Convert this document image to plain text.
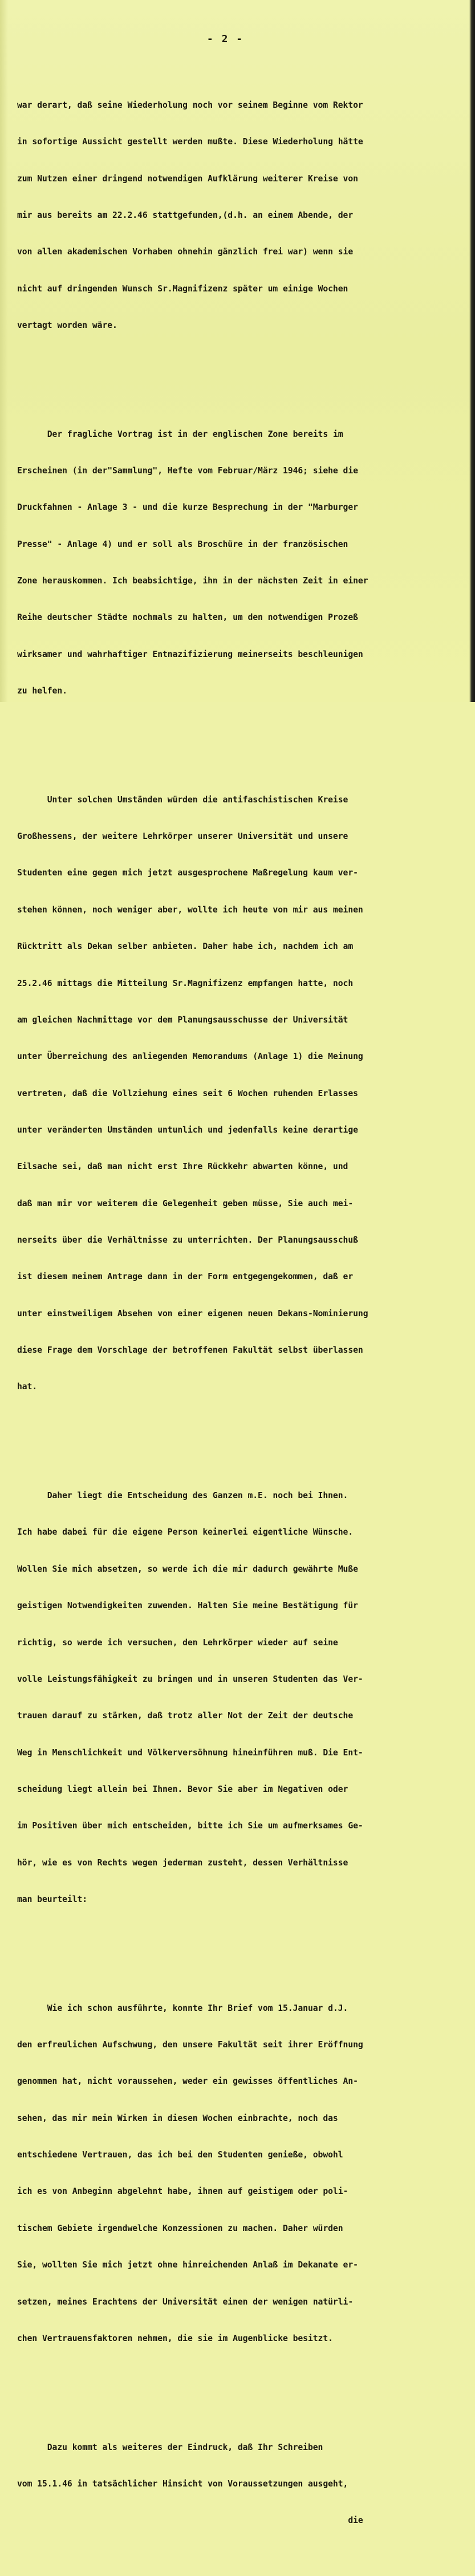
- 2 -

war derart, daß seine Wiederholung noch vor seinem Beginne vom Rektor

in sofortige Aussicht gestellt werden mußte. Diese Wiederholung hätte

zum Nutzen einer dringend notwendigen Aufklärung weiterer Kreise von

mir aus bereits am 22.2.46 stattgefunden,(d.h. an einem Abende, der

von allen akademischen Vorhaben ohnehin gänzlich frei war) wenn sie

nicht auf dringenden Wunsch Sr.Magnifizenz später um einige Wochen

vertagt worden wäre.

Der fragliche Vortrag ist in der englischen Zone bereits im

Erscheinen (in der"Sammlung", Hefte vom Februar/März 1946; siehe die

Druckfahnen - Anlage 3 - und die kurze Besprechung in der "Marburger

Presse" - Anlage 4) und er soll als Broschüre in der französischen

Zone herauskommen. Ich beabsichtige, ihn in der nächsten Zeit in einer

Reihe deutscher Städte nochmals zu halten, um den notwendigen Prozeß

wirksamer und wahrhaftiger Entnazifizierung meinerseits beschleunigen

zu helfen.

Unter solchen Umständen würden die antifaschistischen Kreise

Großhessens, der weitere Lehrkörper unserer Universität und unsere

Studenten eine gegen mich jetzt ausgesprochene Maßregelung kaum ver-

stehen können, noch weniger aber, wollte ich heute von mir aus meinen

Rücktritt als Dekan selber anbieten. Daher habe ich, nachdem ich am

25.2.46 mittags die Mitteilung Sr.Magnifizenz empfangen hatte, noch

am gleichen Nachmittage vor dem Planungsausschusse der Universität

unter Überreichung des anliegenden Memorandums (Anlage 1) die Meinung

vertreten, daß die Vollziehung eines seit 6 Wochen ruhenden Erlasses

unter veränderten Umständen untunlich und jedenfalls keine derartige

Eilsache sei, daß man nicht erst Ihre Rückkehr abwarten könne, und

daß man mir vor weiterem die Gelegenheit geben müsse, Sie auch mei-

nerseits über die Verhältnisse zu unterrichten. Der Planungsausschuß

ist diesem meinem Antrage dann in der Form entgegengekommen, daß er

unter einstweiligem Absehen von einer eigenen neuen Dekans-Nominierung

diese Frage dem Vorschlage der betroffenen Fakultät selbst überlassen

hat.

Daher liegt die Entscheidung des Ganzen m.E. noch bei Ihnen.

Ich habe dabei für die eigene Person keinerlei eigentliche Wünsche.

Wollen Sie mich absetzen, so werde ich die mir dadurch gewährte Muße

geistigen Notwendigkeiten zuwenden. Halten Sie meine Bestätigung für

richtig, so werde ich versuchen, den Lehrkörper wieder auf seine

volle Leistungsfähigkeit zu bringen und in unseren Studenten das Ver-

trauen darauf zu stärken, daß trotz aller Not der Zeit der deutsche

Weg in Menschlichkeit und Völkerversöhnung hineinführen muß. Die Ent-

scheidung liegt allein bei Ihnen. Bevor Sie aber im Negativen oder

im Positiven über mich entscheiden, bitte ich Sie um aufmerksames Ge-

hör, wie es von Rechts wegen jederman zusteht, dessen Verhältnisse

man beurteilt:

Wie ich schon ausführte, konnte Ihr Brief vom 15.Januar d.J.

den erfreulichen Aufschwung, den unsere Fakultät seit ihrer Eröffnung

genommen hat, nicht voraussehen, weder ein gewisses öffentliches An-

sehen, das mir mein Wirken in diesen Wochen einbrachte, noch das

entschiedene Vertrauen, das ich bei den Studenten genieße, obwohl

ich es von Anbeginn abgelehnt habe, ihnen auf geistigem oder poli-

tischem Gebiete irgendwelche Konzessionen zu machen. Daher würden

Sie, wollten Sie mich jetzt ohne hinreichenden Anlaß im Dekanate er-

setzen, meines Erachtens der Universität einen der wenigen natürli-

chen Vertrauensfaktoren nehmen, die sie im Augenblicke besitzt.

Dazu kommt als weiteres der Eindruck, daß Ihr Schreiben

vom 15.1.46 in tatsächlicher Hinsicht von Voraussetzungen ausgeht,

die
